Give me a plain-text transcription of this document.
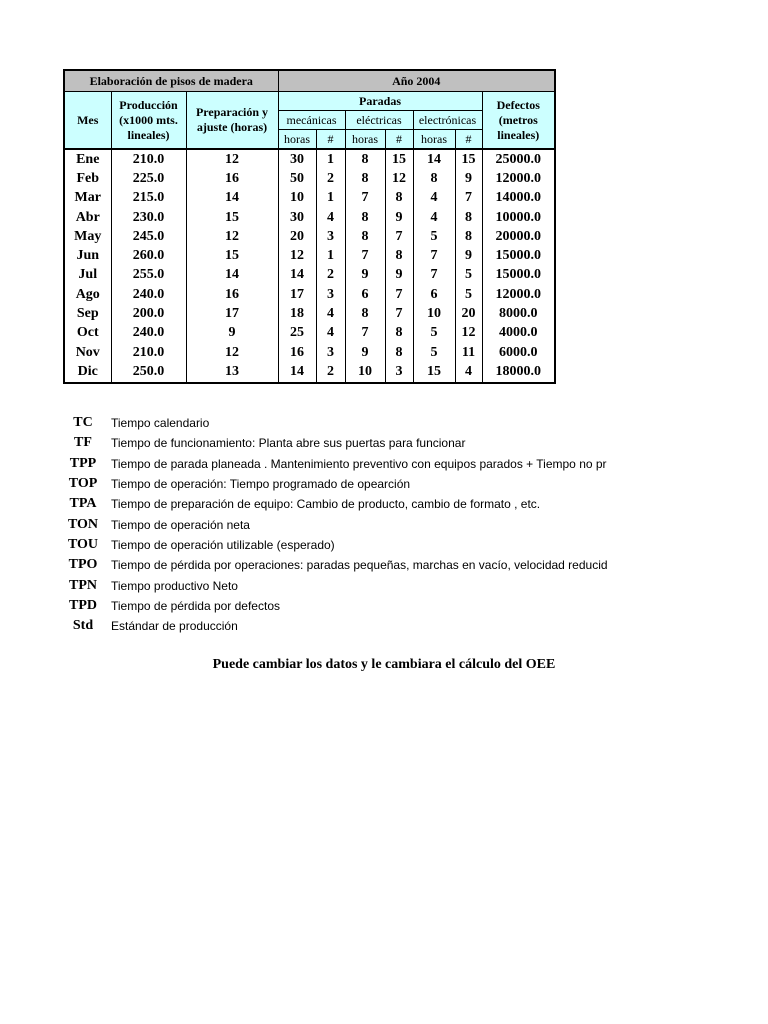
Elaboración de pisos de madera			Año 2004						
Mes	Producción (x1000 mts. lineales)	Preparación y ajuste (horas)	Paradas						Defectos (metros lineales)
			mecánicas		eléctricas		electrónicas		
			horas	#	horas	#	horas	#	
Ene	210.0	12	30	1	8	15	14	15	25000.0
Feb	225.0	16	50	2	8	12	8	9	12000.0
Mar	215.0	14	10	1	7	8	4	7	14000.0
Abr	230.0	15	30	4	8	9	4	8	10000.0
May	245.0	12	20	3	8	7	5	8	20000.0
Jun	260.0	15	12	1	7	8	7	9	15000.0
Jul	255.0	14	14	2	9	9	7	5	15000.0
Ago	240.0	16	17	3	6	7	6	5	12000.0
Sep	200.0	17	18	4	8	7	10	20	8000.0
Oct	240.0	9	25	4	7	8	5	12	4000.0
Nov	210.0	12	16	3	9	8	5	11	6000.0
Dic	250.0	13	14	2	10	3	15	4	18000.0
TC	Tiempo calendario
TF	Tiempo de funcionamiento: Planta abre sus puertas para funcionar
TPP	Tiempo de parada planeada . Mantenimiento preventivo con equipos parados + Tiempo no pr
TOP	Tiempo de operación: Tiempo programado de opearción
TPA	Tiempo de preparación de equipo: Cambio de producto, cambio de formato , etc.
TON	Tiempo de operación neta
TOU	Tiempo de operación utilizable (esperado)
TPO	Tiempo de pérdida por operaciones: paradas pequeñas, marchas en vacío, velocidad reducid
TPN	Tiempo productivo Neto
TPD	Tiempo de pérdida por defectos
Std	Estándar de producción
Puede cambiar los datos y le cambiara el cálculo del OEE
